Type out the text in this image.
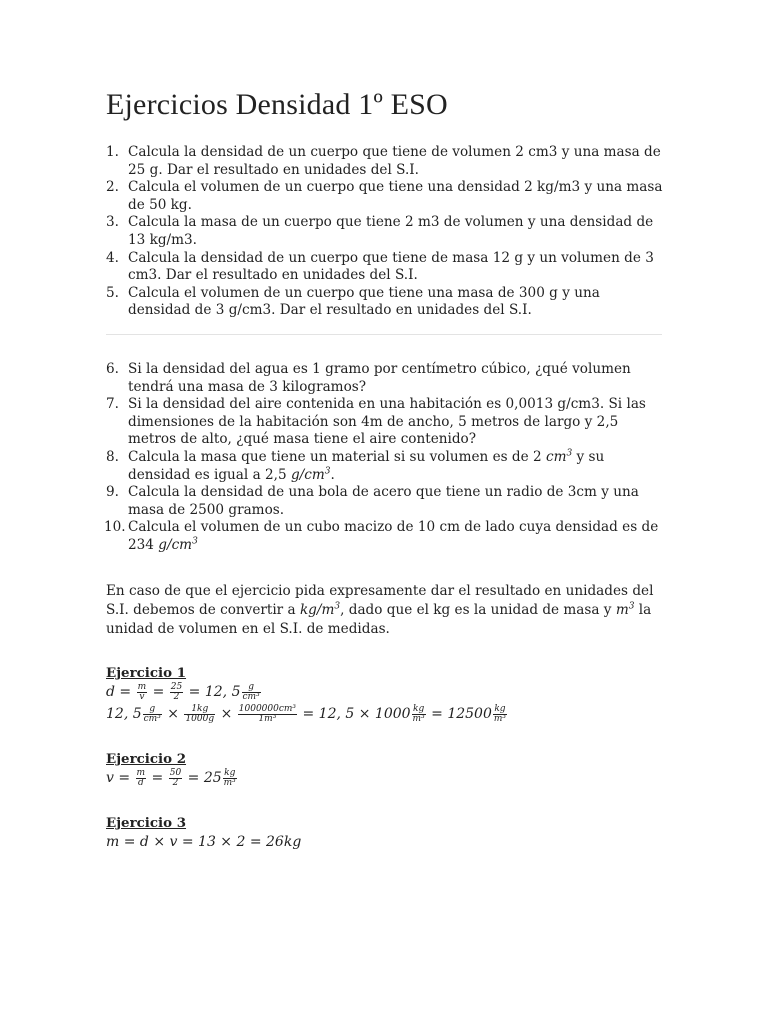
Ejercicios Densidad 1º ESO
1. Calcula la densidad de un cuerpo que tiene de volumen 2 cm3 y una masa de 25 g. Dar el resultado en unidades del S.I.
2. Calcula el volumen de un cuerpo que tiene una densidad 2 kg/m3 y una masa de 50 kg.
3. Calcula la masa de un cuerpo que tiene 2 m3 de volumen y una densidad de 13 kg/m3.
4. Calcula la densidad de un cuerpo que tiene de masa 12 g y un volumen de 3 cm3. Dar el resultado en unidades del S.I.
5. Calcula el volumen de un cuerpo que tiene una masa de 300 g y una densidad de 3 g/cm3. Dar el resultado en unidades del S.I.
6. Si la densidad del agua es 1 gramo por centímetro cúbico, ¿qué volumen tendrá una masa de 3 kilogramos?
7. Si la densidad del aire contenida en una habitación es 0,0013 g/cm3. Si las dimensiones de la habitación son 4m de ancho, 5 metros de largo y 2,5 metros de alto, ¿qué masa tiene el aire contenido?
8. Calcula la masa que tiene un material si su volumen es de 2 $cm^3$ y su densidad es igual a 2,5 $g/cm^3$.
9. Calcula la densidad de una bola de acero que tiene un radio de 3cm y una masa de 2500 gramos.
10. Calcula el volumen de un cubo macizo de 10 cm de lado cuya densidad es de 234 $g/cm^3$

En caso de que el ejercicio pida expresamente dar el resultado en unidades del S.I. debemos de convertir a $kg/m^3$, dado que el kg es la unidad de masa y $m^3$ la unidad de volumen en el S.I. de medidas.

Ejercicio 1
$d = \frac{m}{v} = \frac{25}{2} = 12$, $5 \frac{g}{\text{cm³}}$
12, $5 \frac{g}{\text{cm³}} \times \frac{1kg}{1000g} \times \frac{\text{1000000cm³}}{\text{1m³}} = 12$, $5 \times 1000 \frac{kg}{\text{m³}} = 12500 \frac{kg}{\text{m³}}$
Ejercicio 2
$v = \frac{m}{d} = \frac{50}{2} = 25 \frac{kg}{\text{m³}}$
Ejercicio 3
m = d × v = 13 × 2 = 26kg
